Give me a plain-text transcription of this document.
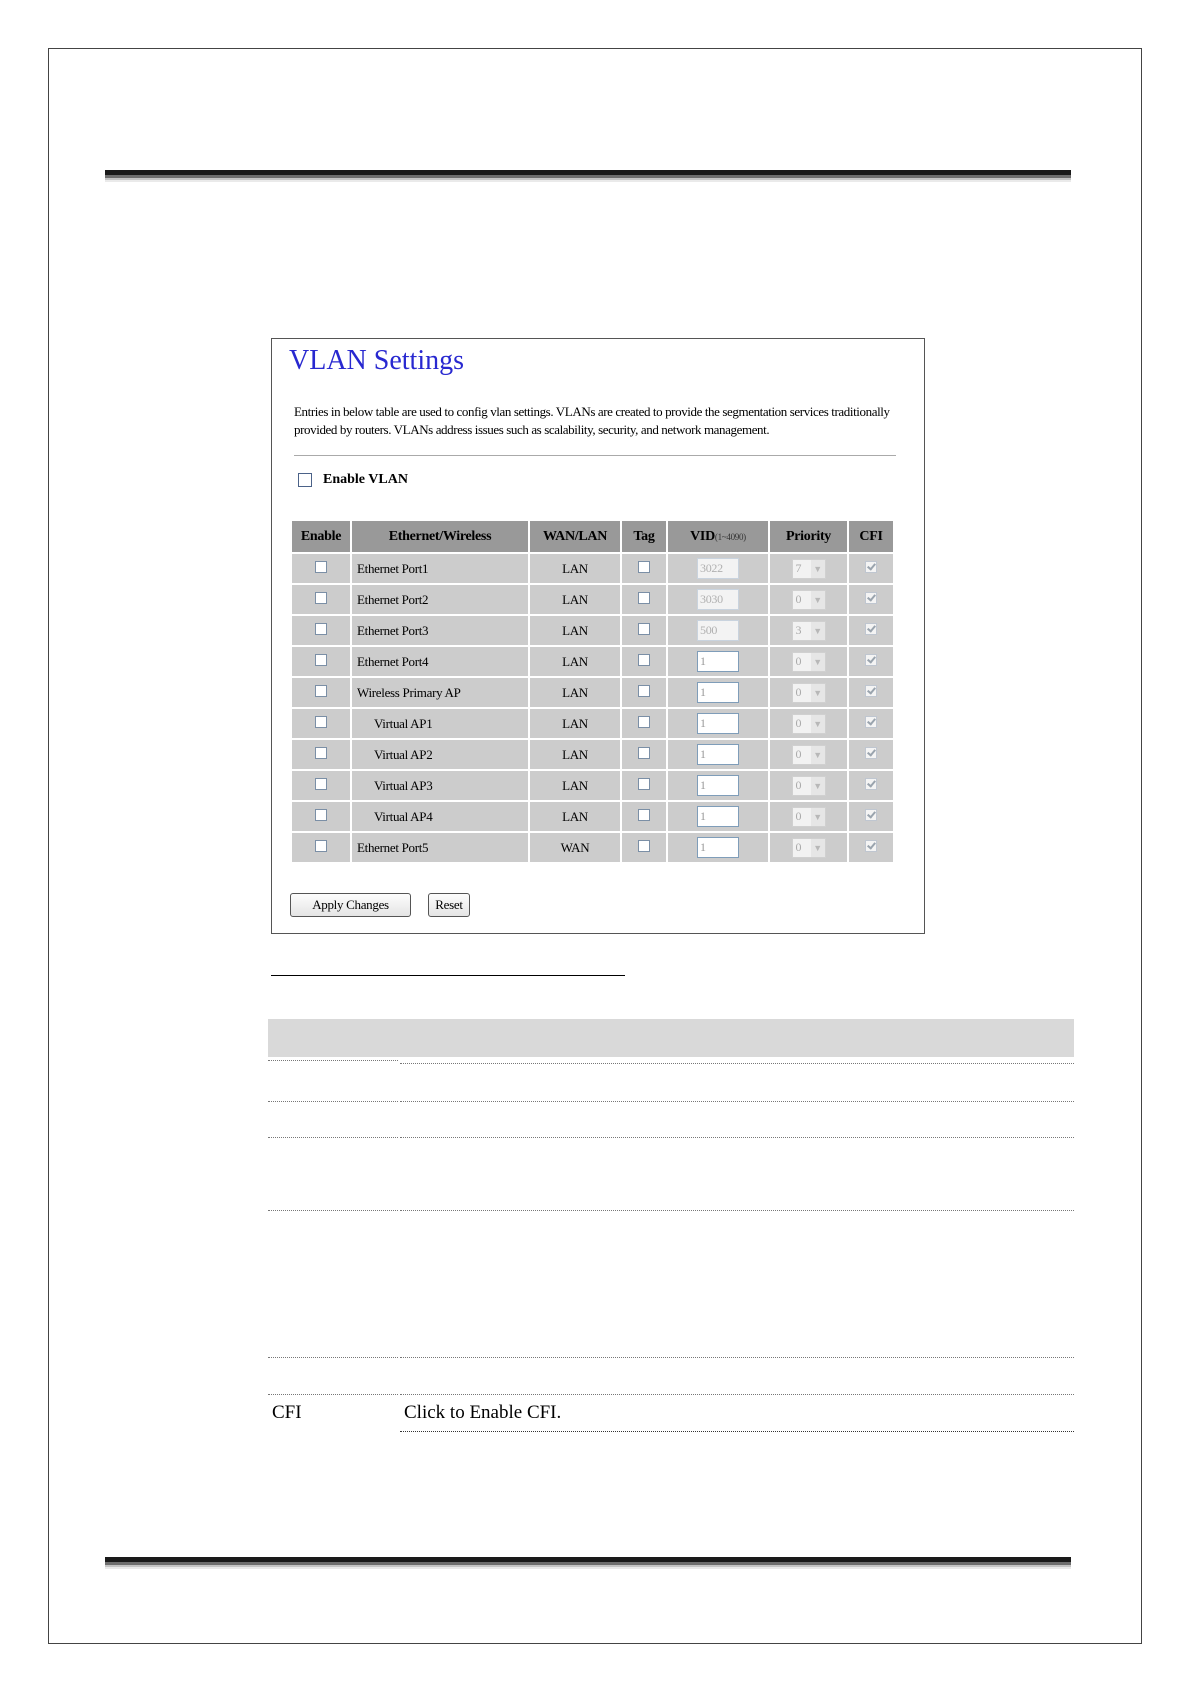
VLAN Settings
Entries in below table are used to config vlan settings. VLANs are created to provide the segmentation services traditionally provided by routers. VLANs address issues such as scalability, security, and network management.
Enable VLAN
Enable	Ethernet/Wireless	WAN/LAN	Tag	VID(1~4090)	Priority	CFI
	Ethernet Port1	LAN		3022	7 ▼	

	Ethernet Port2	LAN		3030	0 ▼	

	Ethernet Port3	LAN		500	3 ▼	

	Ethernet Port4	LAN		1	0 ▼	

	Wireless Primary AP	LAN		1	0 ▼	

	Virtual AP1	LAN		1	0 ▼	

	Virtual AP2	LAN		1	0 ▼	

	Virtual AP3	LAN		1	0 ▼	

	Virtual AP4	LAN		1	0 ▼	

	Ethernet Port5	WAN		1	0 ▼	

Apply Changes	Reset
CFI	Click to Enable CFI.
